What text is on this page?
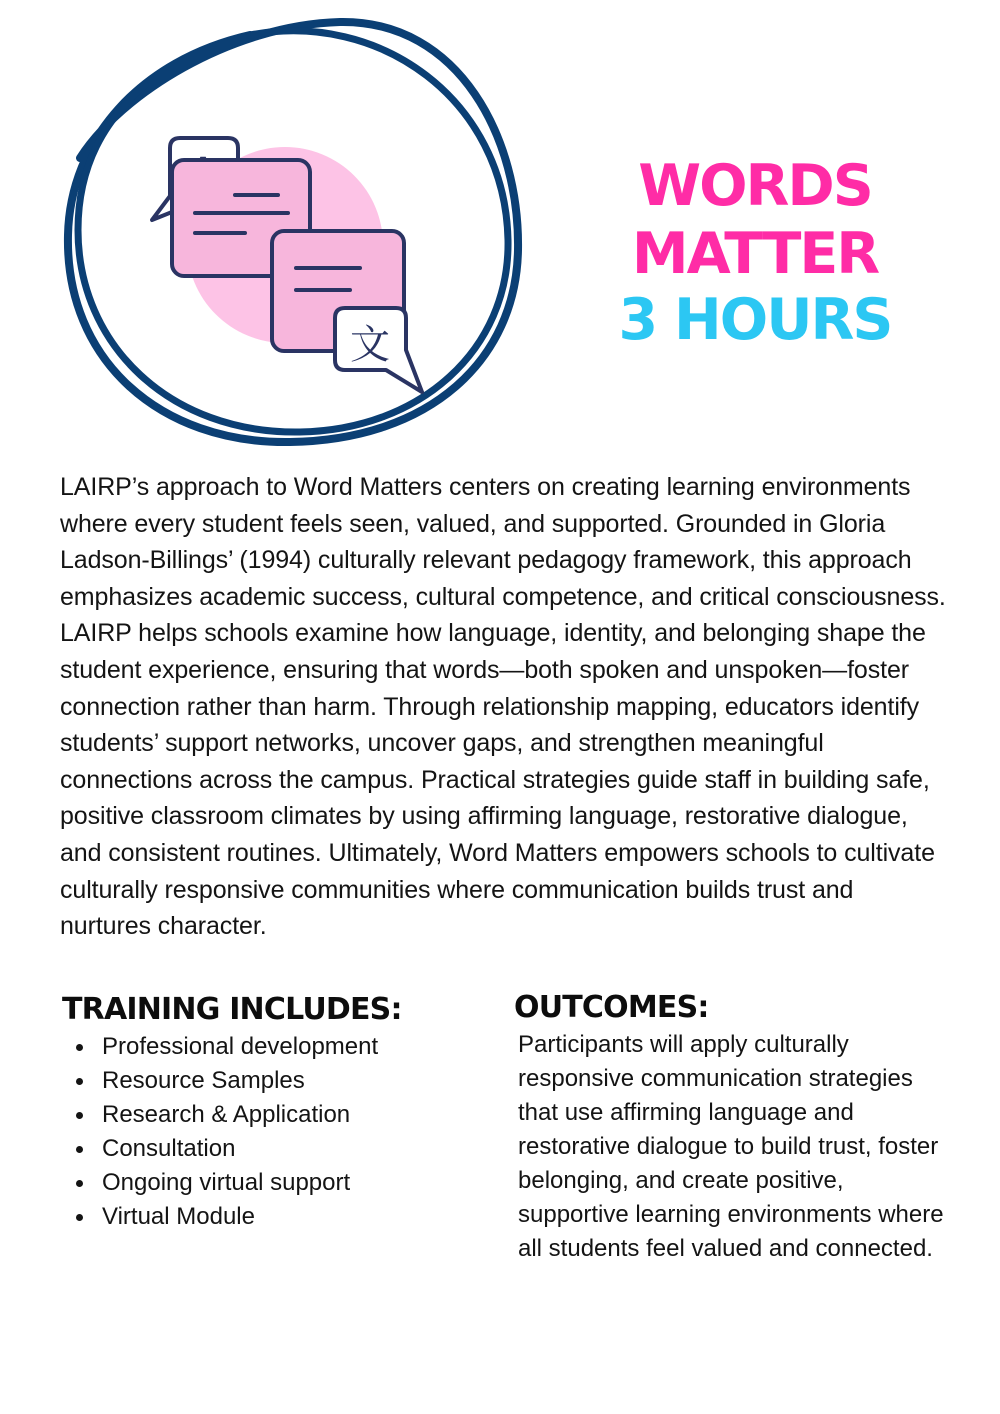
文
WORDS MATTER
3 HOURS

LAIRP’s approach to Word Matters centers on creating learning environments where every student feels seen, valued, and supported. Grounded in Gloria Ladson-Billings’ (1994) culturally relevant pedagogy framework, this approach emphasizes academic success, cultural competence, and critical consciousness. LAIRP helps schools examine how language, identity, and belonging shape the student experience, ensuring that words—both spoken and unspoken—foster connection rather than harm. Through relationship mapping, educators identify students’ support networks, uncover gaps, and strengthen meaningful connections across the campus. Practical strategies guide staff in building safe, positive classroom climates by using affirming language, restorative dialogue, and consistent routines. Ultimately, Word Matters empowers schools to cultivate culturally responsive communities where communication builds trust and nurtures character.

TRAINING INCLUDES:
Professional development
Resource Samples
Research & Application
Consultation
Ongoing virtual support
Virtual Module
OUTCOMES:

Participants will apply culturally responsive communication strategies that use affirming language and restorative dialogue to build trust, foster belonging, and create positive, supportive learning environments where all students feel valued and connected.
